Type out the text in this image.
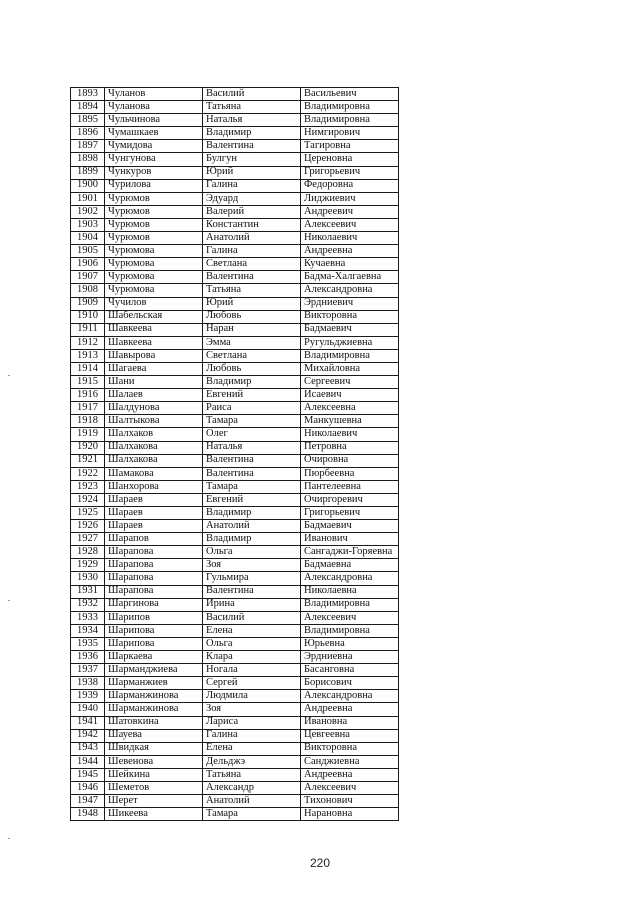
1893	Чуланов	Василий	Васильевич
1894	Чуланова	Татьяна	Владимировна
1895	Чульчинова	Наталья	Владимировна
1896	Чумашкаев	Владимир	Нимгирович
1897	Чумидова	Валентина	Тагировна
1898	Чунгунова	Булгун	Цереновна
1899	Чункуров	Юрий	Григорьевич
1900	Чурилова	Галина	Федоровна
1901	Чурюмов	Эдуард	Лиджиевич
1902	Чурюмов	Валерий	Андреевич
1903	Чурюмов	Константин	Алексеевич
1904	Чурюмов	Анатолий	Николаевич
1905	Чурюмова	Галина	Андреевна
1906	Чурюмова	Светлана	Кучаевна
1907	Чурюмова	Валентина	Бадма-Халгаевна
1908	Чурюмова	Татьяна	Александровна
1909	Чучилов	Юрий	Эрдниевич
1910	Шабельская	Любовь	Викторовна
1911	Шавкеева	Наран	Бадмаевич
1912	Шавкеева	Эмма	Ругульджиевна
1913	Шавырова	Светлана	Владимировна
1914	Шагаева	Любовь	Михайловна
1915	Шани	Владимир	Сергеевич
1916	Шалаев	Евгений	Исаевич
1917	Шалдунова	Раиса	Алексеевна
1918	Шалтыкова	Тамара	Манкушевна
1919	Шалхаков	Олег	Николаевич
1920	Шалхакова	Наталья	Петровна
1921	Шалхакова	Валентина	Очировна
1922	Шамакова	Валентина	Пюрбеевна
1923	Шанхорова	Тамара	Пантелеевна
1924	Шараев	Евгений	Очиргоревич
1925	Шараев	Владимир	Григорьевич
1926	Шараев	Анатолий	Бадмаевич
1927	Шарапов	Владимир	Иванович
1928	Шарапова	Ольга	Сангаджи-Горяевна
1929	Шарапова	Зоя	Бадмаевна
1930	Шарапова	Гульмира	Александровна
1931	Шарапова	Валентина	Николаевна
1932	Шаргинова	Ирина	Владимировна
1933	Шарипов	Василий	Алексеевич
1934	Шарипова	Елена	Владимировна
1935	Шарипова	Ольга	Юрьевна
1936	Шаркаева	Клара	Эрдниевна
1937	Шарманджиева	Ногала	Басанговна
1938	Шарманжиев	Сергей	Борисович
1939	Шарманжинова	Людмила	Александровна
1940	Шарманжинова	Зоя	Андреевна
1941	Шатовкина	Лариса	Ивановна
1942	Шауева	Галина	Цевгеевна
1943	Швидкая	Елена	Викторовна
1944	Шевенова	Дельджэ	Санджиевна
1945	Шейкина	Татьяна	Андреевна
1946	Шеметов	Александр	Алексеевич
1947	Шерет	Анатолий	Тихонович
1948	Шикеева	Тамара	Нарановна
220
